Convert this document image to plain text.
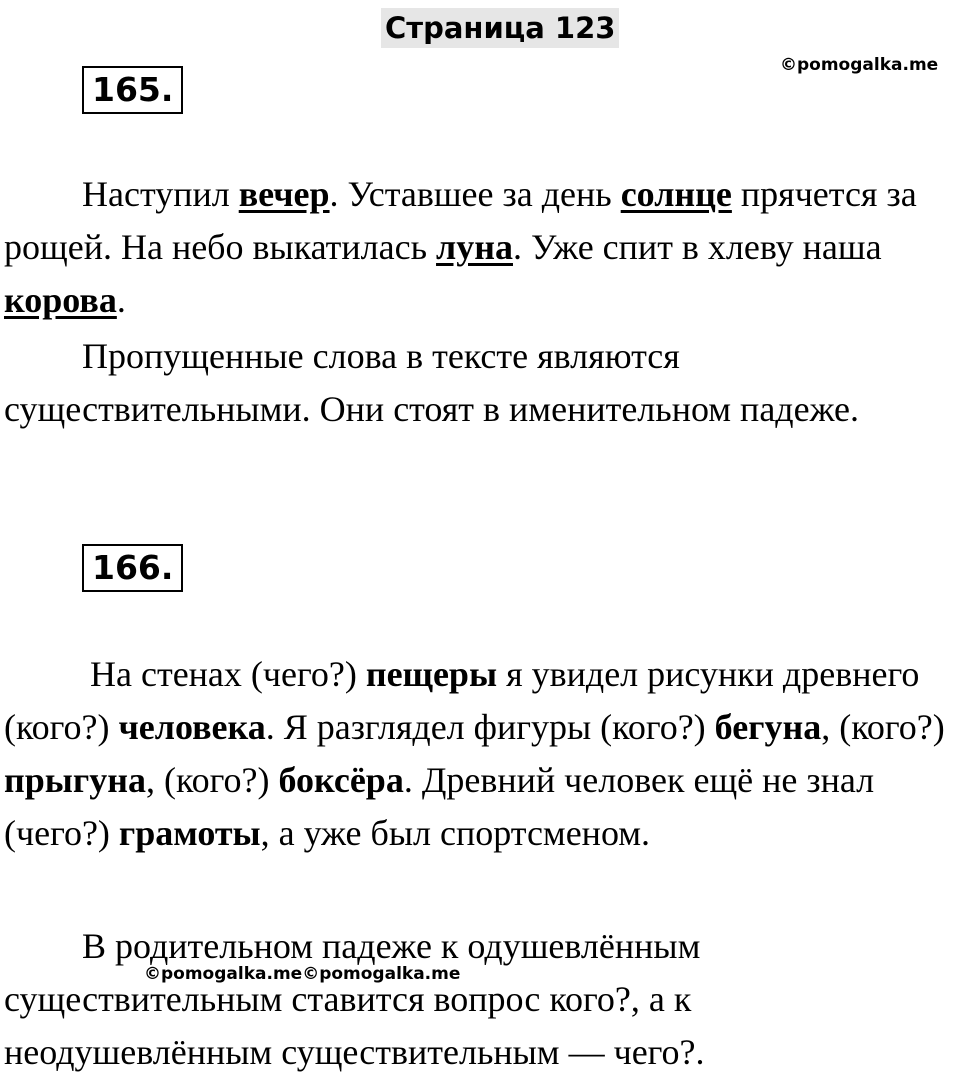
Страница 123
©pomogalka.me
165.

Наступил вечер. Уставшее за день солнце прячется за рощей. На небо выкатилась луна. Уже спит в хлеву наша корова.

Пропущенные слова в тексте являются существительными. Они стоят в именительном падеже.

166.

На стенах (чего?) пещеры я увидел рисунки древнего (кого?) человека. Я разглядел фигуры (кого?) бегуна, (кого?) прыгуна, (кого?) боксёра. Древний человек ещё не знал (чего?) грамоты, а уже был спортсменом.

В родительном падеже к одушевлённым существительным ставится вопрос кого?, а к неодушевлённым существительным — чего?.

©pomogalka.me©pomogalka.me
